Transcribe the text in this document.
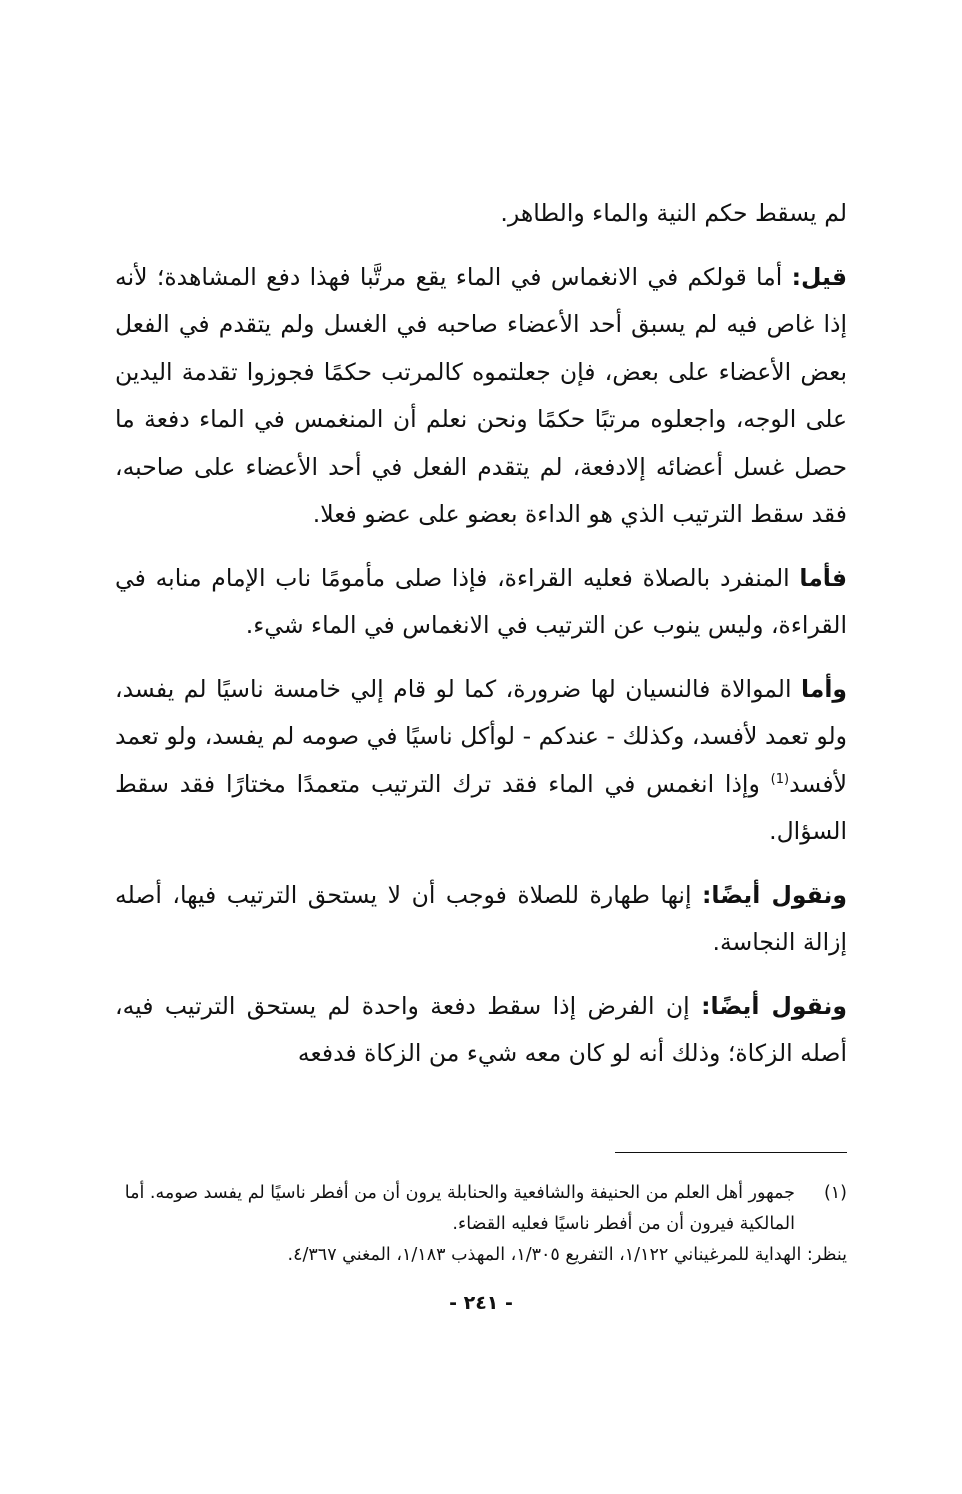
لم يسقط حكم النية والماء والطاهر.

قيل: أما قولكم في الانغماس في الماء يقع مرتَّبا فهذا دفع المشاهدة؛ لأنه إذا غاص فيه لم يسبق أحد الأعضاء صاحبه في الغسل ولم يتقدم في الفعل بعض الأعضاء على بعض، فإن جعلتموه كالمرتب حكمًا فجوزوا تقدمة اليدين على الوجه، واجعلوه مرتبًا حكمًا ونحن نعلم أن المنغمس في الماء دفعة ما حصل غسل أعضائه إلادفعة، لم يتقدم الفعل في أحد الأعضاء على صاحبه، فقد سقط الترتيب الذي هو الداءة بعضو على عضو فعلا.

فأما المنفرد بالصلاة فعليه القراءة، فإذا صلى مأمومًا ناب الإمام منابه في القراءة، وليس ينوب عن الترتيب في الانغماس في الماء شيء.

وأما الموالاة فالنسيان لها ضرورة، كما لو قام إلي خامسة ناسيًا لم يفسد، ولو تعمد لأفسد، وكذلك - عندكم - لوأكل ناسيًا في صومه لم يفسد، ولو تعمد لأفسد$^{(1)}$ وإذا انغمس في الماء فقد ترك الترتيب متعمدًا مختارًا فقد سقط السؤال.

ونقول أيضًا: إنها طهارة للصلاة فوجب أن لا يستحق الترتيب فيها، أصله إزالة النجاسة.

ونقول أيضًا: إن الفرض إذا سقط دفعة واحدة لم يستحق الترتيب فيه، أصله الزكاة؛ وذلك أنه لو كان معه شيء من الزكاة فدفعه

(١)
جمهور أهل العلم من الحنيفة والشافعية والحنابلة يرون أن من أفطر ناسيًا لم يفسد صومه. أما المالكية فيرون أن من أفطر ناسيًا فعليه القضاء.

ينظر: الهداية للمرغيناني ١/١٢٢، التفريع ١/٣٠٥، المهذب ١/١٨٣، المغني ٤/٣٦٧.

- ٢٤١ -
